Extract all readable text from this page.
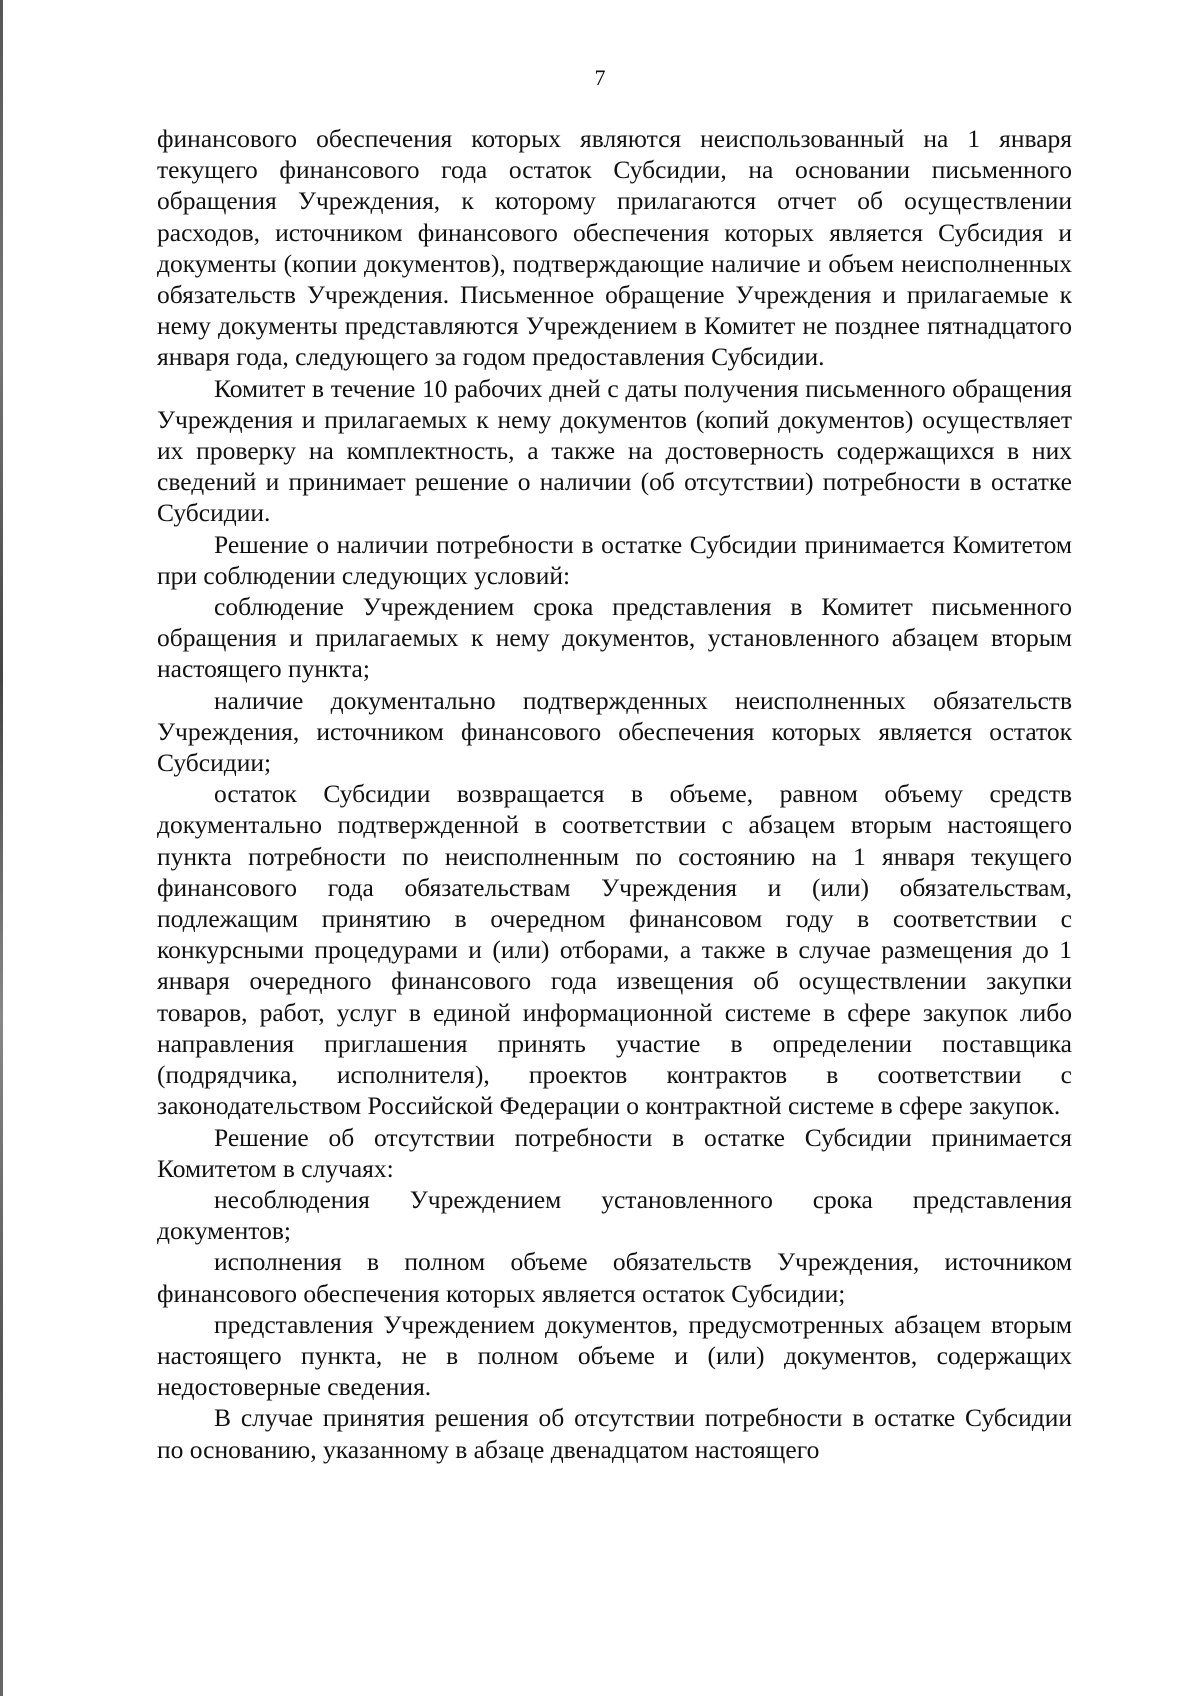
7

финансового обеспечения которых являются неиспользованный на 1 января текущего финансового года остаток Субсидии, на основании письменного обращения Учреждения, к которому прилагаются отчет об осуществлении расходов, источником финансового обеспечения которых является Субсидия и документы (копии документов), подтверждающие наличие и объем неисполненных обязательств Учреждения. Письменное обращение Учреждения и прилагаемые к нему документы представляются Учреждением в Комитет не позднее пятнадцатого января года, следующего за годом предоставления Субсидии.

Комитет в течение 10 рабочих дней с даты получения письменного обращения Учреждения и прилагаемых к нему документов (копий документов) осуществляет их проверку на комплектность, а также на достоверность содержащихся в них сведений и принимает решение о наличии (об отсутствии) потребности в остатке Субсидии.

Решение о наличии потребности в остатке Субсидии принимается Комитетом при соблюдении следующих условий:

соблюдение Учреждением срока представления в Комитет письменного обращения и прилагаемых к нему документов, установленного абзацем вторым настоящего пункта;

наличие документально подтвержденных неисполненных обязательств Учреждения, источником финансового обеспечения которых является остаток Субсидии;

остаток Субсидии возвращается в объеме, равном объему средств документально подтвержденной в соответствии с абзацем вторым настоящего пункта потребности по неисполненным по состоянию на 1 января текущего финансового года обязательствам Учреждения и (или) обязательствам, подлежащим принятию в очередном финансовом году в соответствии с конкурсными процедурами и (или) отборами, а также в случае размещения до 1 января очередного финансового года извещения об осуществлении закупки товаров, работ, услуг в единой информационной системе в сфере закупок либо направления приглашения принять участие в определении поставщика (подрядчика, исполнителя), проектов контрактов в соответствии с законодательством Российской Федерации о контрактной системе в сфере закупок.

Решение об отсутствии потребности в остатке Субсидии принимается Комитетом в случаях:

несоблюдения Учреждением установленного срока представления документов;

исполнения в полном объеме обязательств Учреждения, источником финансового обеспечения которых является остаток Субсидии;

представления Учреждением документов, предусмотренных абзацем вторым настоящего пункта, не в полном объеме и (или) документов, содержащих недостоверные сведения.

В случае принятия решения об отсутствии потребности в остатке Субсидии по основанию, указанному в абзаце двенадцатом настоящего
